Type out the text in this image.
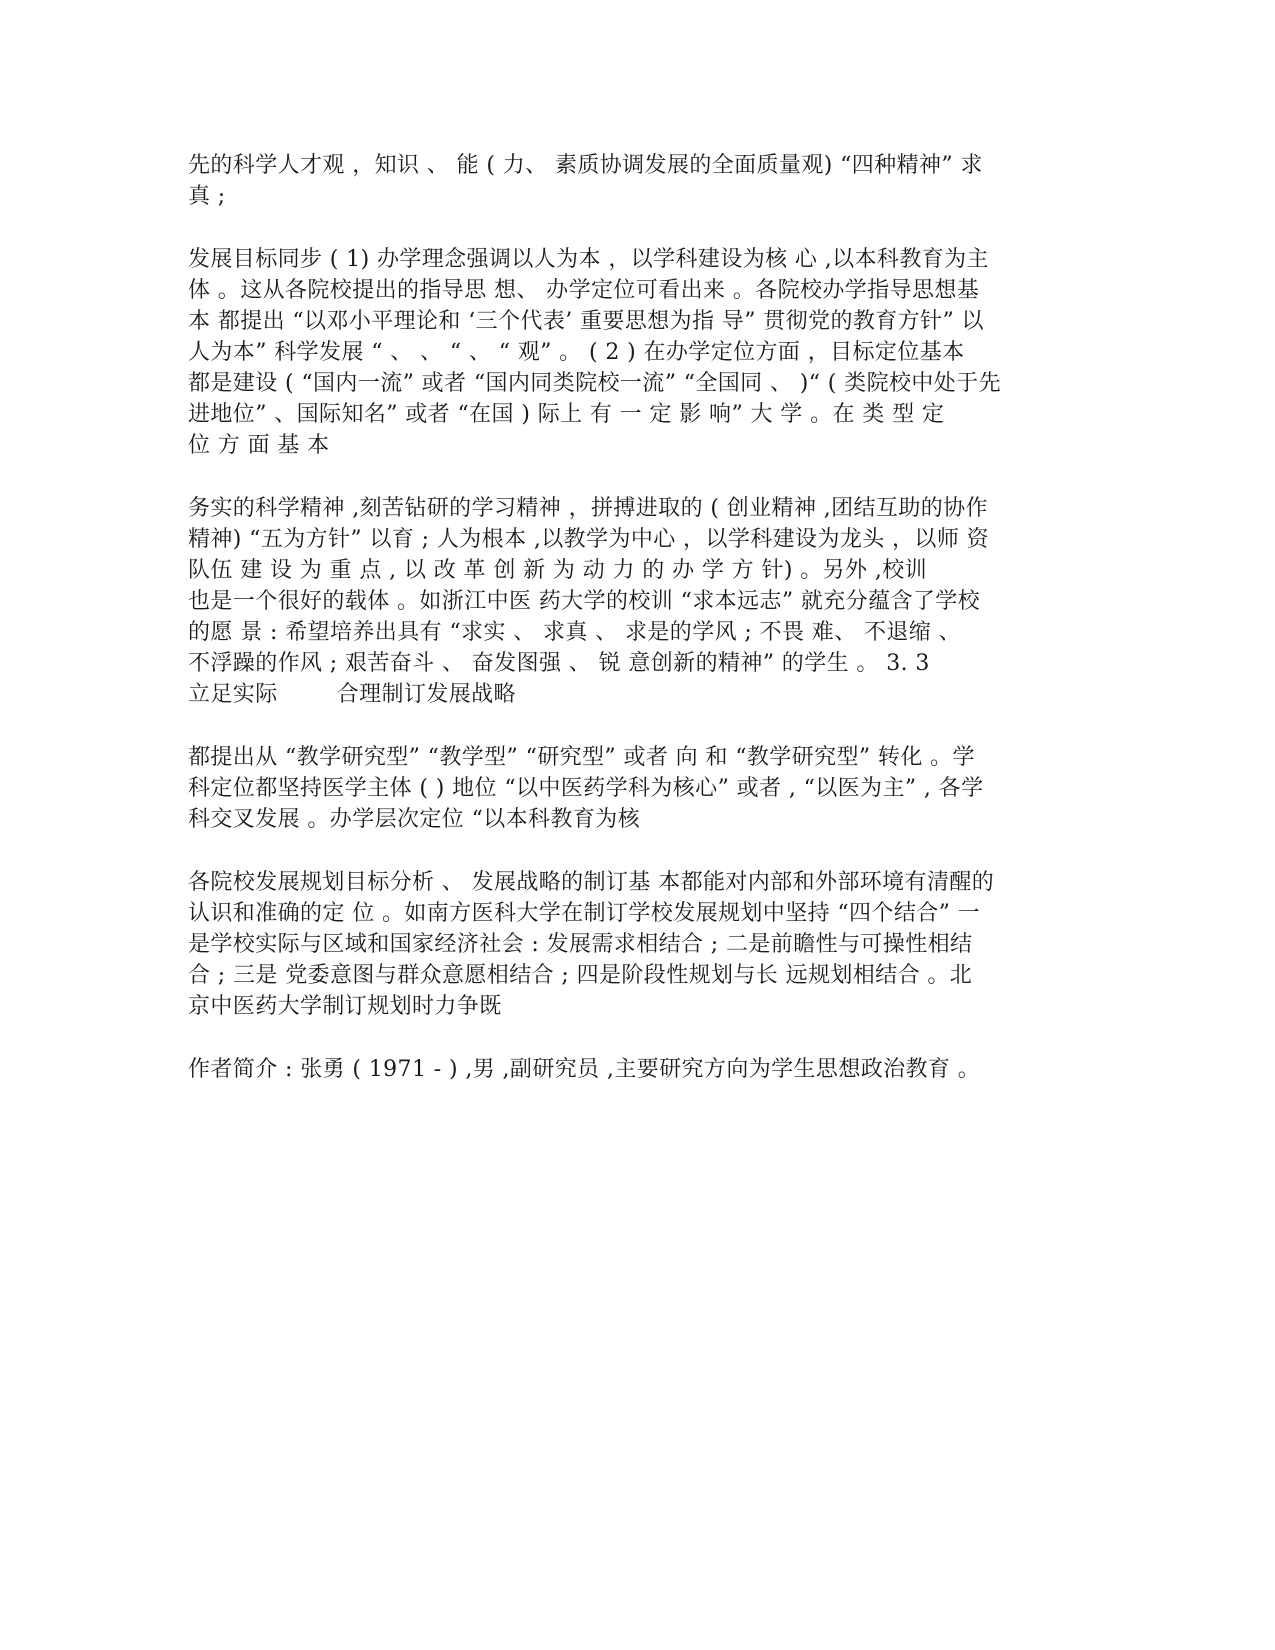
先的科学人才观 ，知识 、 能 ( 力、 素质协调发展的全面质量观) “四种精神” 求
真 ;

发展目标同步 ( 1) 办学理念强调以人为本 ，以学科建设为核 心 ,以本科教育为主
体 。这从各院校提出的指导思 想、 办学定位可看出来 。各院校办学指导思想基
本 都提出 “以邓小平理论和 ‘三个代表’ 重要思想为指 导” 贯彻党的教育方针” 以
人为本” 科学发展 “ 、 、 “ 、 “ 观” 。 ( 2 ) 在办学定位方面 ，目标定位基本
都是建设 ( “国内一流” 或者 “国内同类院校一流” “全国同 、 )“ ( 类院校中处于先
进地位” 、国际知名” 或者 “在国 ) 际上 有 一 定 影 响” 大 学 。在 类 型 定
位 方 面 基 本

务实的科学精神 ,刻苦钻研的学习精神 ，拼搏进取的 ( 创业精神 ,团结互助的协作
精神) “五为方针” 以育 ; 人为根本 ,以教学为中心 ，以学科建设为龙头 ，以师 资
队伍 建 设 为 重 点 , 以 改 革 创 新 为 动 力 的 办 学 方 针) 。另外 ,校训
也是一个很好的载体 。如浙江中医 药大学的校训 “求本远志” 就充分蕴含了学校
的愿 景 : 希望培养出具有 “求实 、 求真 、 求是的学风 ; 不畏 难、 不退缩 、
不浮躁的作风 ; 艰苦奋斗 、 奋发图强 、 锐 意创新的精神” 的学生 。 3. 3
立足实际        合理制订发展战略

都提出从 “教学研究型” “教学型” “研究型” 或者 向 和 “教学研究型” 转化 。学
科定位都坚持医学主体 ( ) 地位 “以中医药学科为核心” 或者 , “以医为主” , 各学
科交叉发展 。办学层次定位 “以本科教育为核

各院校发展规划目标分析 、 发展战略的制订基 本都能对内部和外部环境有清醒的
认识和准确的定 位 。如南方医科大学在制订学校发展规划中坚持 “四个结合” 一
是学校实际与区域和国家经济社会 : 发展需求相结合 ; 二是前瞻性与可操性相结
合 ; 三是 党委意图与群众意愿相结合 ; 四是阶段性规划与长 远规划相结合 。北
京中医药大学制订规划时力争既

作者简介 : 张勇 ( 1971 - ) ,男 ,副研究员 ,主要研究方向为学生思想政治教育 。
